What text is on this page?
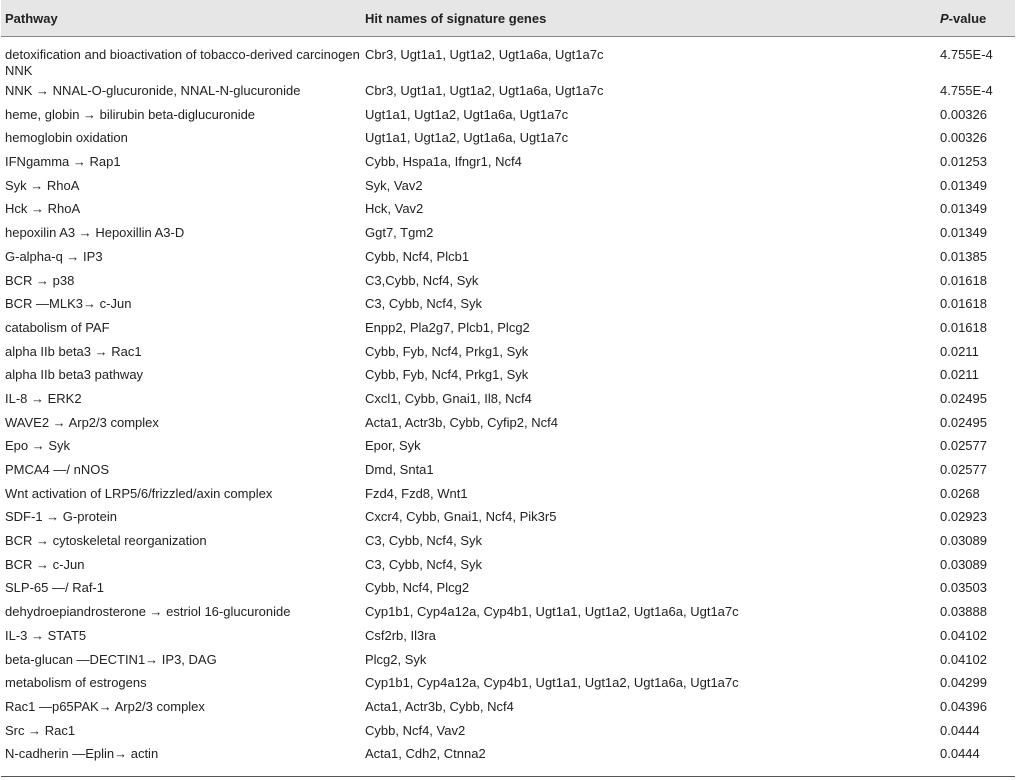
Pathway	Hit names of signature genes	P-value
detoxification and bioactivation of tobacco-derived carcinogen NNK	Cbr3, Ugt1a1, Ugt1a2, Ugt1a6a, Ugt1a7c	4.755E-4
NNK → NNAL-O-glucuronide, NNAL-N-glucuronide	Cbr3, Ugt1a1, Ugt1a2, Ugt1a6a, Ugt1a7c	4.755E-4
heme, globin → bilirubin beta-diglucuronide	Ugt1a1, Ugt1a2, Ugt1a6a, Ugt1a7c	0.00326
hemoglobin oxidation	Ugt1a1, Ugt1a2, Ugt1a6a, Ugt1a7c	0.00326
IFNgamma → Rap1	Cybb, Hspa1a, Ifngr1, Ncf4	0.01253
Syk → RhoA	Syk, Vav2	0.01349
Hck → RhoA	Hck, Vav2	0.01349
hepoxilin A3 → Hepoxillin A3-D	Ggt7, Tgm2	0.01349
G-alpha-q → IP3	Cybb, Ncf4, Plcb1	0.01385
BCR → p38	C3,Cybb, Ncf4, Syk	0.01618
BCR —MLK3→ c-Jun	C3, Cybb, Ncf4, Syk	0.01618
catabolism of PAF	Enpp2, Pla2g7, Plcb1, Plcg2	0.01618
alpha IIb beta3 → Rac1	Cybb, Fyb, Ncf4, Prkg1, Syk	0.0211
alpha IIb beta3 pathway	Cybb, Fyb, Ncf4, Prkg1, Syk	0.0211
IL-8 → ERK2	Cxcl1, Cybb, Gnai1, Il8, Ncf4	0.02495
WAVE2 → Arp2/3 complex	Acta1, Actr3b, Cybb, Cyfip2, Ncf4	0.02495
Epo → Syk	Epor, Syk	0.02577
PMCA4 —/ nNOS	Dmd, Snta1	0.02577
Wnt activation of LRP5/6/frizzled/axin complex	Fzd4, Fzd8, Wnt1	0.0268
SDF-1 → G-protein	Cxcr4, Cybb, Gnai1, Ncf4, Pik3r5	0.02923
BCR → cytoskeletal reorganization	C3, Cybb, Ncf4, Syk	0.03089
BCR → c-Jun	C3, Cybb, Ncf4, Syk	0.03089
SLP-65 —/ Raf-1	Cybb, Ncf4, Plcg2	0.03503
dehydroepiandrosterone → estriol 16-glucuronide	Cyp1b1, Cyp4a12a, Cyp4b1, Ugt1a1, Ugt1a2, Ugt1a6a, Ugt1a7c	0.03888
IL-3 → STAT5	Csf2rb, Il3ra	0.04102
beta-glucan —DECTIN1→ IP3, DAG	Plcg2, Syk	0.04102
metabolism of estrogens	Cyp1b1, Cyp4a12a, Cyp4b1, Ugt1a1, Ugt1a2, Ugt1a6a, Ugt1a7c	0.04299
Rac1 —p65PAK→ Arp2/3 complex	Acta1, Actr3b, Cybb, Ncf4	0.04396
Src → Rac1	Cybb, Ncf4, Vav2	0.0444
N-cadherin —Eplin→ actin	Acta1, Cdh2, Ctnna2	0.0444
